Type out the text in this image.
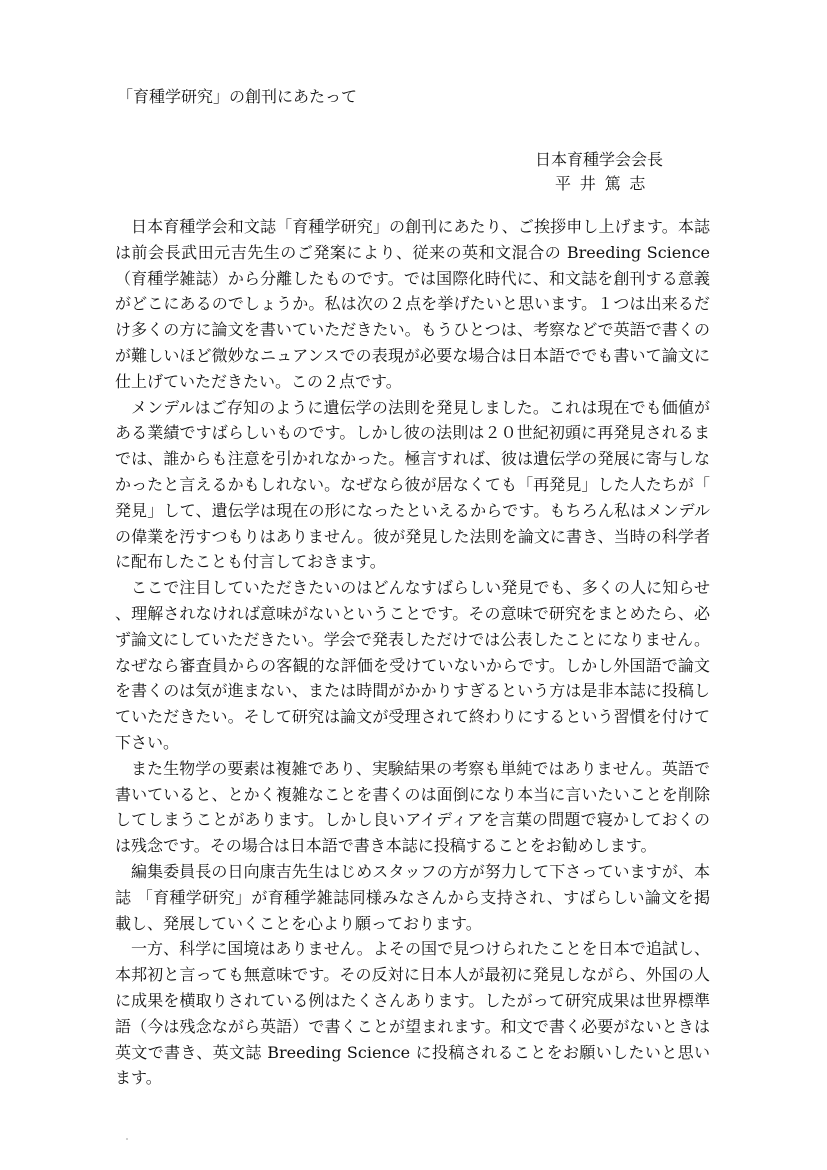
「育種学研究」の創刊にあたって
日本育種学会会長
平井篤志

日本育種学会和文誌「育種学研究」の創刊にあたり、ご挨拶申し上げます。本誌は前会長武田元吉先生のご発案により、従来の英和文混合の Breeding Science（育種学雑誌）から分離したものです。では国際化時代に、和文誌を創刊する意義がどこにあるのでしょうか。私は次の２点を挙げたいと思います。１つは出来るだけ多くの方に論文を書いていただきたい。もうひとつは、考察などで英語で書くのが難しいほど微妙なニュアンスでの表現が必要な場合は日本語ででも書いて論文に仕上げていただきたい。この２点です。

メンデルはご存知のように遺伝学の法則を発見しました。これは現在でも価値がある業績ですばらしいものです。しかし彼の法則は２０世紀初頭に再発見されるまでは、誰からも注意を引かれなかった。極言すれば、彼は遺伝学の発展に寄与しなかったと言えるかもしれない。なぜなら彼が居なくても「再発見」した人たちが「発見」して、遺伝学は現在の形になったといえるからです。もちろん私はメンデルの偉業を汚すつもりはありません。彼が発見した法則を論文に書き、当時の科学者に配布したことも付言しておきます。

ここで注目していただきたいのはどんなすばらしい発見でも、多くの人に知らせ、理解されなければ意味がないということです。その意味で研究をまとめたら、必ず論文にしていただきたい。学会で発表しただけでは公表したことになりません。なぜなら審査員からの客観的な評価を受けていないからです。しかし外国語で論文を書くのは気が進まない、または時間がかかりすぎるという方は是非本誌に投稿していただきたい。そして研究は論文が受理されて終わりにするという習慣を付けて下さい。

また生物学の要素は複雑であり、実験結果の考察も単純ではありません。英語で書いていると、とかく複雑なことを書くのは面倒になり本当に言いたいことを削除してしまうことがあります。しかし良いアイディアを言葉の問題で寝かしておくのは残念です。その場合は日本語で書き本誌に投稿することをお勧めします。

編集委員長の日向康吉先生はじめスタッフの方が努力して下さっていますが、本誌 「育種学研究」が育種学雑誌同様みなさんから支持され、すばらしい論文を掲載し、発展していくことを心より願っております。

一方、科学に国境はありません。よその国で見つけられたことを日本で追試し、本邦初と言っても無意味です。その反対に日本人が最初に発見しながら、外国の人に成果を横取りされている例はたくさんあります。したがって研究成果は世界標準語（今は残念ながら英語）で書くことが望まれます。和文で書く必要がないときは英文で書き、英文誌 Breeding Science に投稿されることをお願いしたいと思います。
